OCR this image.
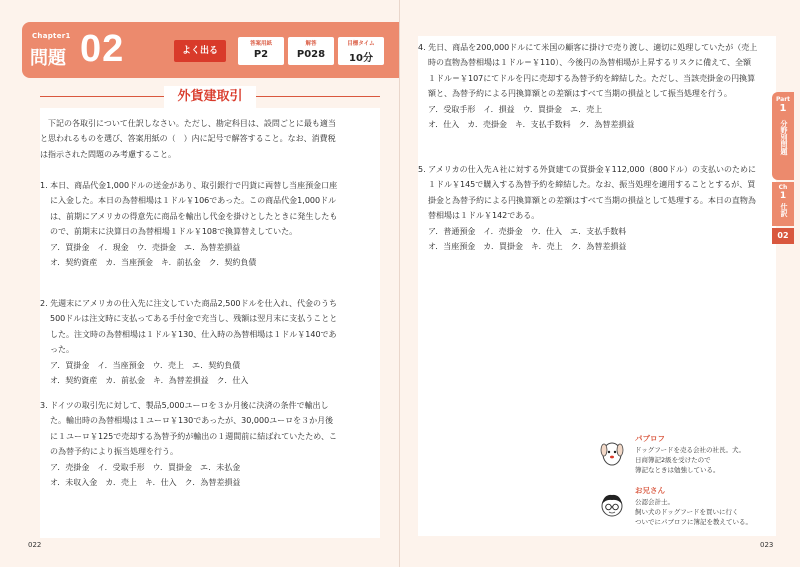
Chapter1
問題 02	よく出る
答案用紙
P2
解答
P028
目標タイム
10分
外貨建取引
下記の各取引について仕訳しなさい。ただし、勘定科目は、設問ごとに最も適当と思われるものを選び、答案用紙の（　）内に記号で解答すること。なお、消費税は指示された問題のみ考慮すること。
1. 本日、商品代金1,000ドルの送金があり、取引銀行で円貨に両替し当座預金口座に入金した。本日の為替相場は１ドル￥106であった。この商品代金1,000ドルは、前期にアメリカの得意先に商品を輸出し代金を掛けとしたときに発生したもので、前期末に決算日の為替相場１ドル￥108で換算替えしていた。
ア．買掛金　イ．現金　ウ．売掛金　エ．為替差損益
オ．契約資産　カ．当座預金　キ．前払金　ク．契約負債
2. 先週末にアメリカの仕入先に注文していた商品2,500ドルを仕入れ、代金のうち500ドルは注文時に支払ってある手付金で充当し、残額は翌月末に支払うこととした。注文時の為替相場は１ドル￥130、仕入時の為替相場は１ドル￥140であった。
ア．買掛金　イ．当座預金　ウ．売上　エ．契約負債
オ．契約資産　カ．前払金　キ．為替差損益　ク．仕入
3. ドイツの取引先に対して、製品5,000ユーロを３か月後に決済の条件で輸出した。輸出時の為替相場は１ユーロ￥130であったが、30,000ユーロを３か月後に１ユーロ￥125で売却する為替予約が輸出の１週間前に結ばれていたため、この為替予約により振当処理を行う。
ア．売掛金　イ．受取手形　ウ．買掛金　エ．未払金
オ．未収入金　カ．売上　キ．仕入　ク．為替差損益
022
4. 先日、商品を200,000ドルにて米国の顧客に掛けで売り渡し、適切に処理していたが（売上時の直物為替相場は１ドル＝￥110）、今後円の為替相場が上昇するリスクに備えて、全額１ドル＝￥107にてドルを円に売却する為替予約を締結した。ただし、当該売掛金の円換算額と、為替予約による円換算額との差額はすべて当期の損益として振当処理を行う。
ア．受取手形　イ．損益　ウ．買掛金　エ．売上
オ．仕入　カ．売掛金　キ．支払手数料　ク．為替差損益
5. アメリカの仕入先Ａ社に対する外貨建ての買掛金￥112,000（800ドル）の支払いのために１ドル￥145で購入する為替予約を締結した。なお、振当処理を適用することとするが、買掛金と為替予約による円換算額との差額はすべて当期の損益として処理する。本日の直物為替相場は１ドル￥142である。
ア．普通預金　イ．売掛金　ウ．仕入　エ．支払手数料
オ．当座預金　カ．買掛金　キ．売上　ク．為替差損益
023
Part
1
分野別問題
Ch
1
仕訳
02
パブロフ
ドッグフードを売る会社の社長。犬。
日商簿記2級を受けたので
簿記なときは勉強している。
お兄さん
公認会計士。
飼い犬のドッグフードを買いに行く
ついでにパブロフに簿記を教えている。
